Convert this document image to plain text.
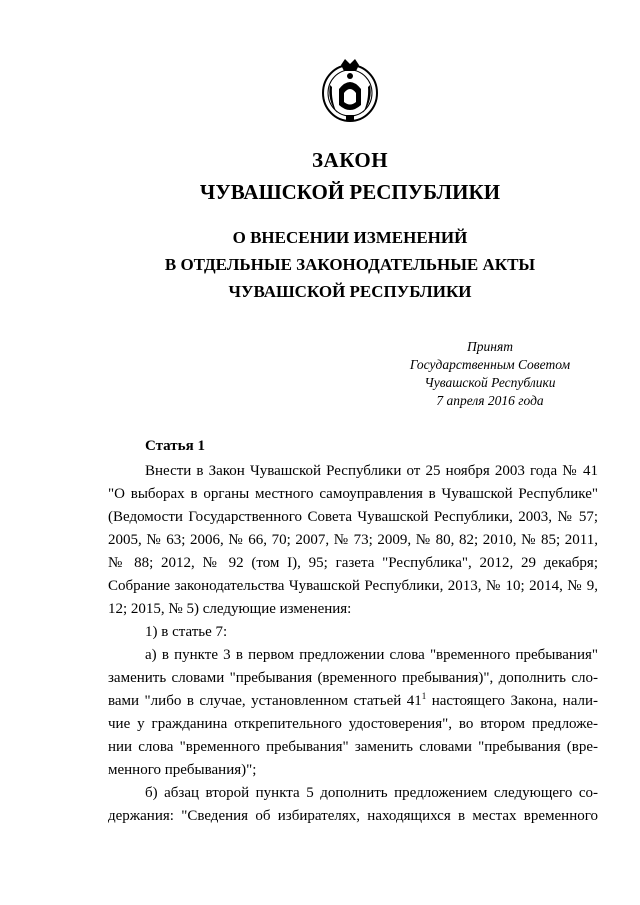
ЗАКОН
ЧУВАШСКОЙ РЕСПУБЛИКИ
О ВНЕСЕНИИ ИЗМЕНЕНИЙ
В ОТДЕЛЬНЫЕ ЗАКОНОДАТЕЛЬНЫЕ АКТЫ
ЧУВАШСКОЙ РЕСПУБЛИКИ
Принят
Государственным Советом
Чувашской Республики
7 апреля 2016 года
Статья 1
Внести в Закон Чувашской Республики от 25 ноября 2003 года № 41
"О выборах в органы местного самоуправления в Чувашской Республике"
(Ведомости Государственного Совета Чувашской Республики, 2003, № 57;
2005, № 63; 2006, № 66, 70; 2007, № 73; 2009, № 80, 82; 2010, № 85; 2011,
№ 88; 2012, № 92 (том I), 95; газета "Республика", 2012, 29 декабря;
Собрание законодательства Чувашской Республики, 2013, № 10; 2014, № 9,
12; 2015, № 5) следующие изменения:
1) в статье 7:
а) в пункте 3 в первом предложении слова "временного пребывания"
заменить словами "пребывания (временного пребывания)", дополнить сло-
вами "либо в случае, установленном статьей $41^1$ настоящего Закона, нали-
чие у гражданина открепительного удостоверения", во втором предложе-
нии слова "временного пребывания" заменить словами "пребывания (вре-
менного пребывания)";
б) абзац второй пункта 5 дополнить предложением следующего со-
держания: "Сведения об избирателях, находящихся в местах временного
